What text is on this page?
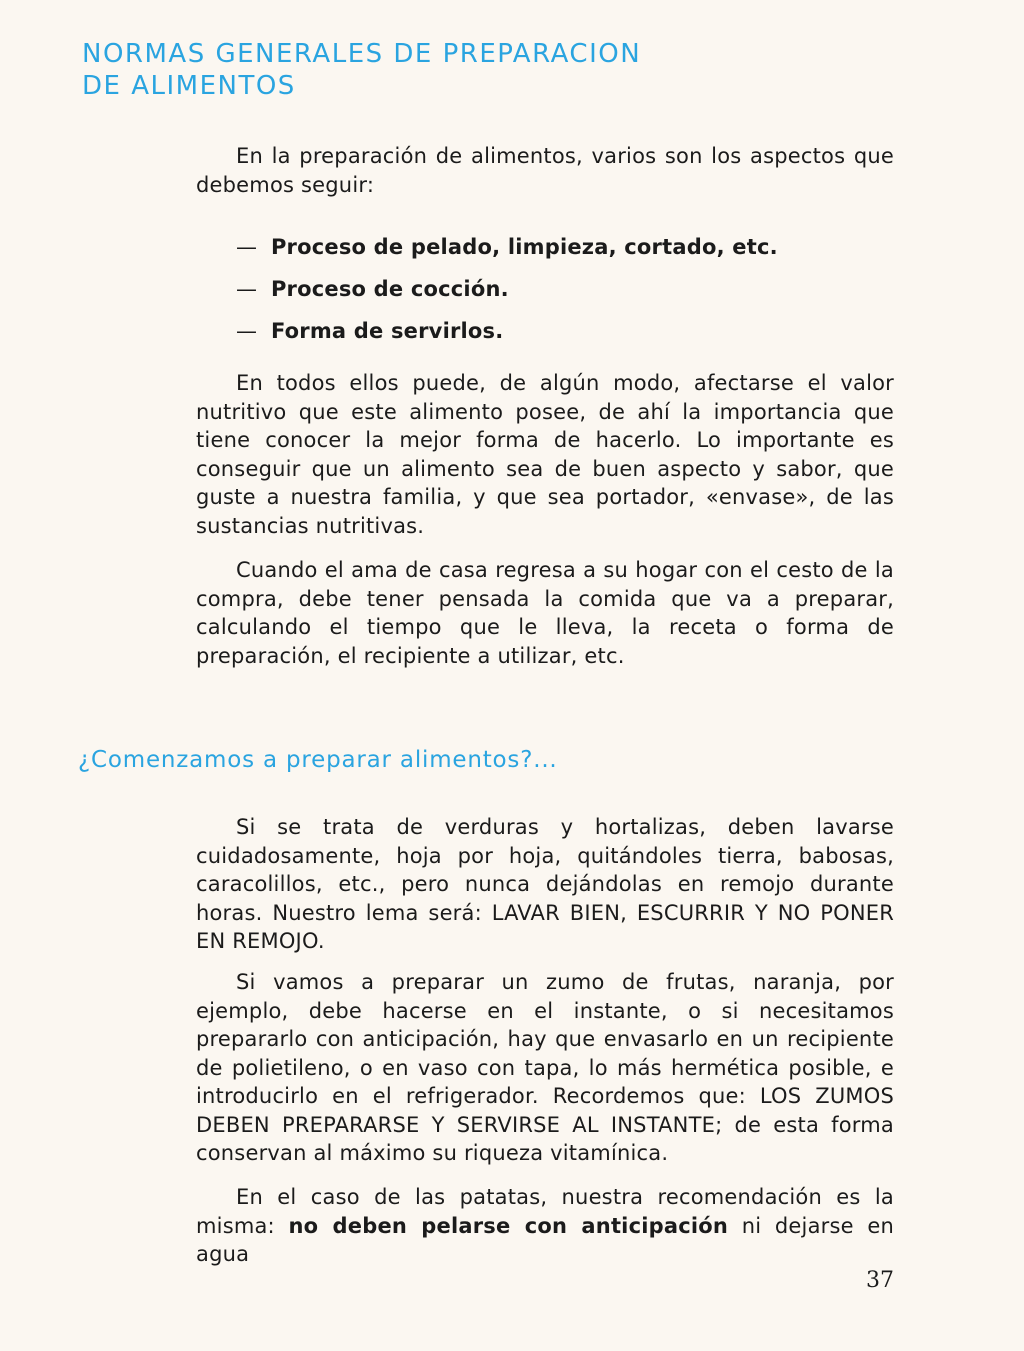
NORMAS GENERALES DE PREPARACION
DE ALIMENTOS

En la preparación de alimentos, varios son los aspectos que debemos seguir:

—  Proceso de pelado, limpieza, cortado, etc.
—  Proceso de cocción.
—  Forma de servirlos.

En todos ellos puede, de algún modo, afectarse el valor nutritivo que este alimento posee, de ahí la importancia que tiene conocer la mejor forma de hacerlo. Lo importante es conseguir que un alimento sea de buen aspecto y sabor, que guste a nuestra familia, y que sea portador, «envase», de las sustancias nutritivas.

Cuando el ama de casa regresa a su hogar con el cesto de la compra, debe tener pensada la comida que va a preparar, calculando el tiempo que le lleva, la receta o forma de preparación, el recipiente a utilizar, etc.

¿Comenzamos a preparar alimentos?...

Si se trata de verduras y hortalizas, deben lavarse cuidadosamente, hoja por hoja, quitándoles tierra, babosas, caracolillos, etc., pero nunca dejándolas en remojo durante horas. Nuestro lema será: LAVAR BIEN, ESCURRIR Y NO PONER EN REMOJO.

Si vamos a preparar un zumo de frutas, naranja, por ejemplo, debe hacerse en el instante, o si necesitamos prepararlo con anticipación, hay que envasarlo en un recipiente de polietileno, o en vaso con tapa, lo más hermética posible, e introducirlo en el refrigerador. Recordemos que: LOS ZUMOS DEBEN PREPARARSE Y SERVIRSE AL INSTANTE; de esta forma conservan al máximo su riqueza vitamínica.

En el caso de las patatas, nuestra recomendación es la misma: no deben pelarse con anticipación ni dejarse en agua

37
